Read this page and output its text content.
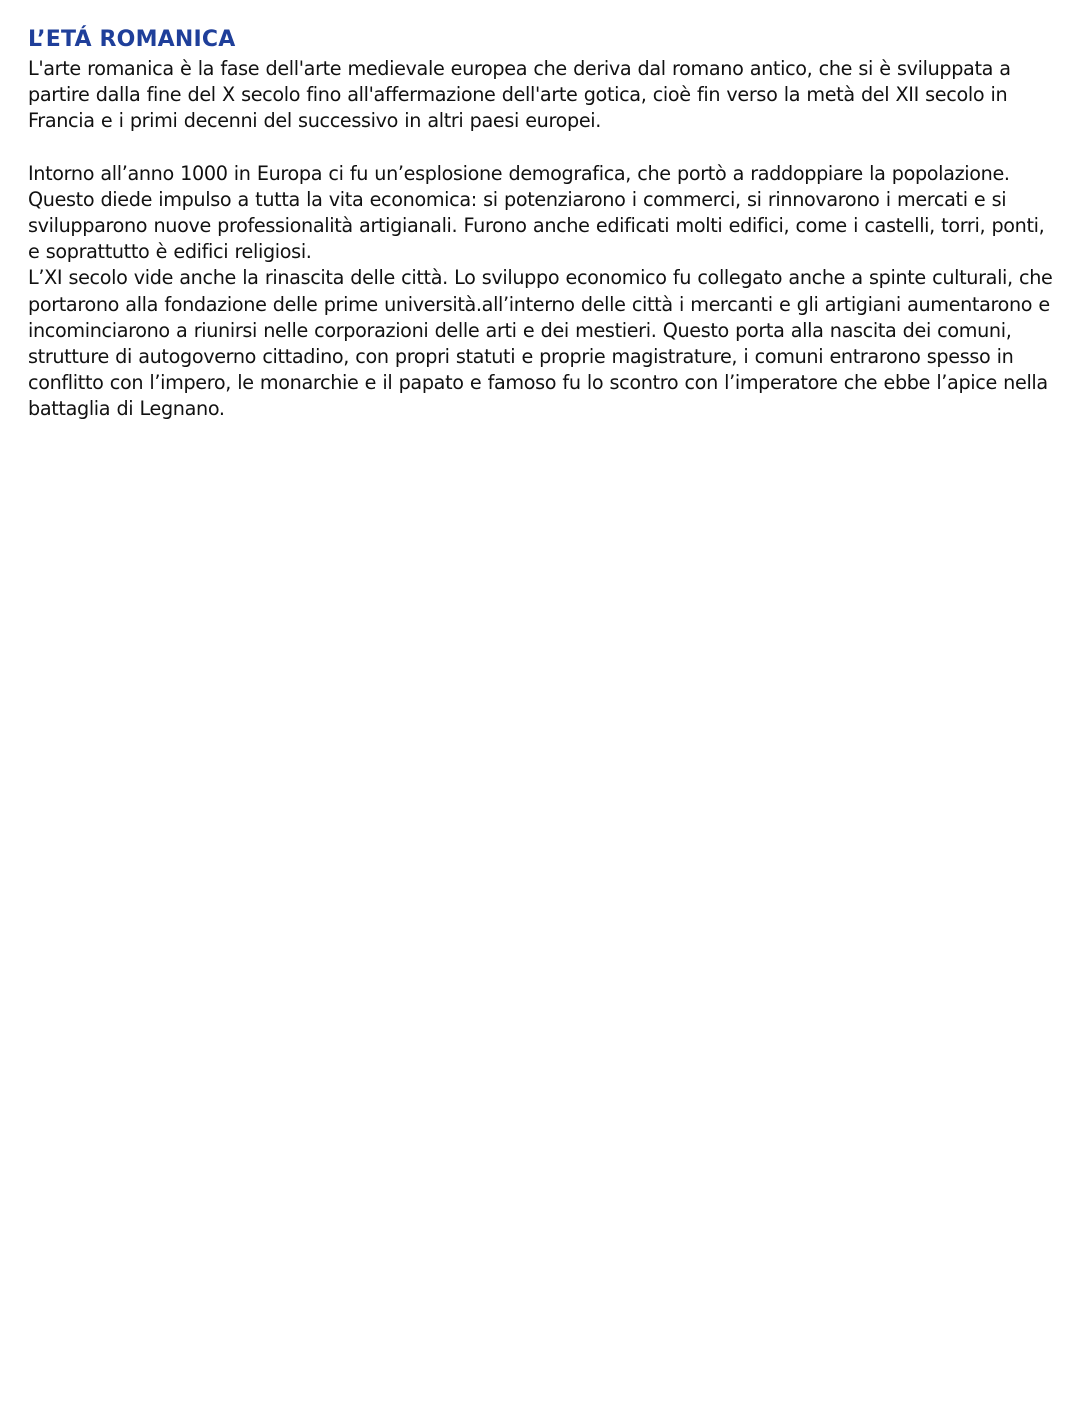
L’ETÁ ROMANICA

L'arte romanica è la fase dell'arte medievale europea che deriva dal romano antico, che si è sviluppata a partire dalla fine del X secolo fino all'affermazione dell'arte gotica, cioè fin verso la metà del XII secolo in Francia e i primi decenni del successivo in altri paesi europei.

Intorno all’anno 1000 in Europa ci fu un’esplosione demografica, che portò a raddoppiare la popolazione. Questo diede impulso a tutta la vita economica: si potenziarono i commerci, si rinnovarono i mercati e si svilupparono nuove professionalità artigianali. Furono anche edificati molti edifici, come i castelli, torri, ponti, e soprattutto è edifici religiosi.

L’XI secolo vide anche la rinascita delle città. Lo sviluppo economico fu collegato anche a spinte culturali, che portarono alla fondazione delle prime università.all’interno delle città i mercanti e gli artigiani aumentarono e incominciarono a riunirsi nelle corporazioni delle arti e dei mestieri. Questo porta alla nascita dei comuni, strutture di autogoverno cittadino, con propri statuti e proprie magistrature, i comuni entrarono spesso in conflitto con l’impero, le monarchie e il papato e famoso fu lo scontro con l’imperatore che ebbe l’apice nella battaglia di Legnano.
